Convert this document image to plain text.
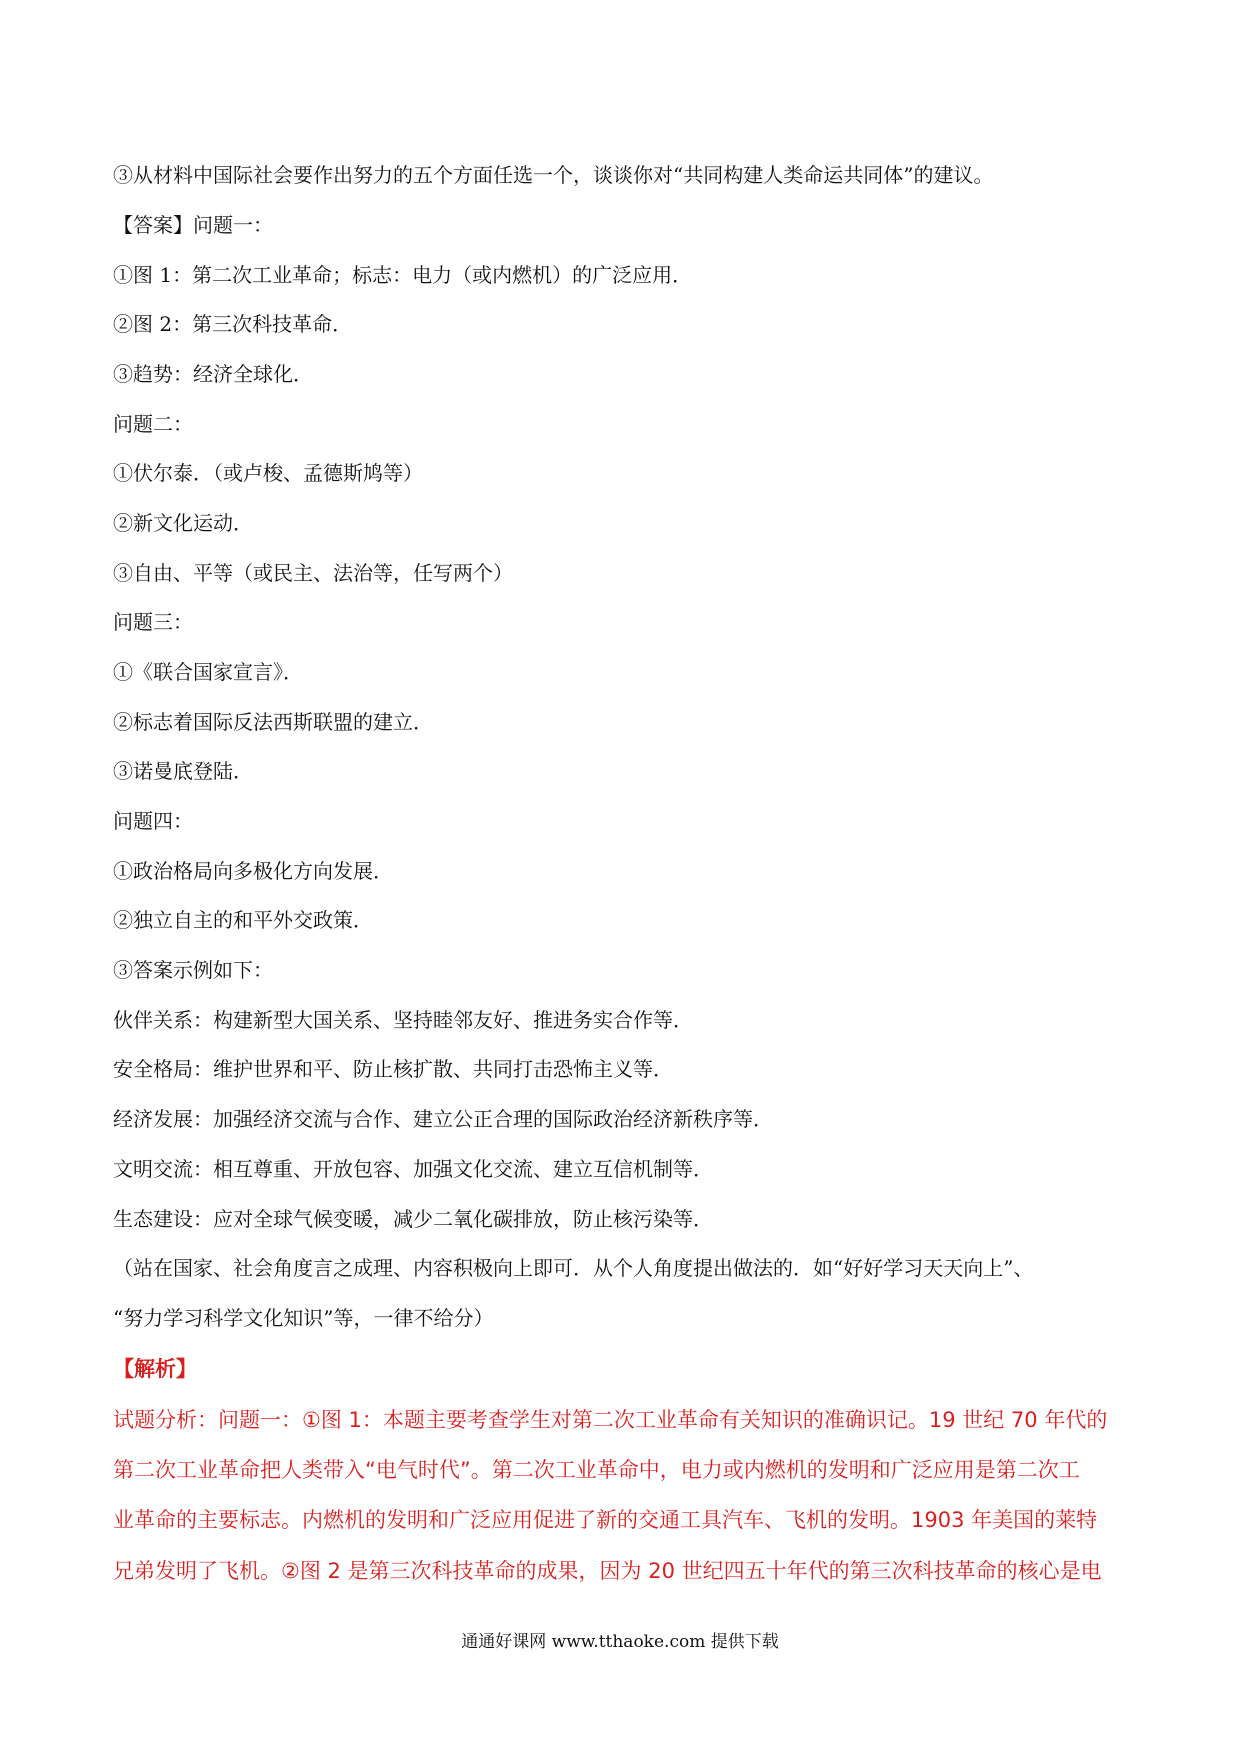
③从材料中国际社会要作出努力的五个方面任选一个，谈谈你对“共同构建人类命运共同体”的建议。
【答案】问题一：
①图 1：第二次工业革命；标志：电力（或内燃机）的广泛应用．
②图 2：第三次科技革命．
③趋势：经济全球化．
问题二：
①伏尔泰．（或卢梭、孟德斯鸠等）
②新文化运动．
③自由、平等（或民主、法治等，任写两个）
问题三：
①《联合国家宣言》．
②标志着国际反法西斯联盟的建立．
③诺曼底登陆．
问题四：
①政治格局向多极化方向发展．
②独立自主的和平外交政策．
③答案示例如下：
伙伴关系：构建新型大国关系、坚持睦邻友好、推进务实合作等．
安全格局：维护世界和平、防止核扩散、共同打击恐怖主义等．
经济发展：加强经济交流与合作、建立公正合理的国际政治经济新秩序等．
文明交流：相互尊重、开放包容、加强文化交流、建立互信机制等．
生态建设：应对全球气候变暖，减少二氧化碳排放，防止核污染等．
（站在国家、社会角度言之成理、内容积极向上即可．从个人角度提出做法的．如“好好学习天天向上”、
“努力学习科学文化知识”等，一律不给分）
【解析】
试题分析：问题一：①图 1：本题主要考查学生对第二次工业革命有关知识的准确识记。19 世纪 70 年代的
第二次工业革命把人类带入“电气时代”。第二次工业革命中，电力或内燃机的发明和广泛应用是第二次工
业革命的主要标志。内燃机的发明和广泛应用促进了新的交通工具汽车、飞机的发明。1903 年美国的莱特
兄弟发明了飞机。②图 2 是第三次科技革命的成果，因为 20 世纪四五十年代的第三次科技革命的核心是电
通通好课网 www.tthaoke.com 提供下载
